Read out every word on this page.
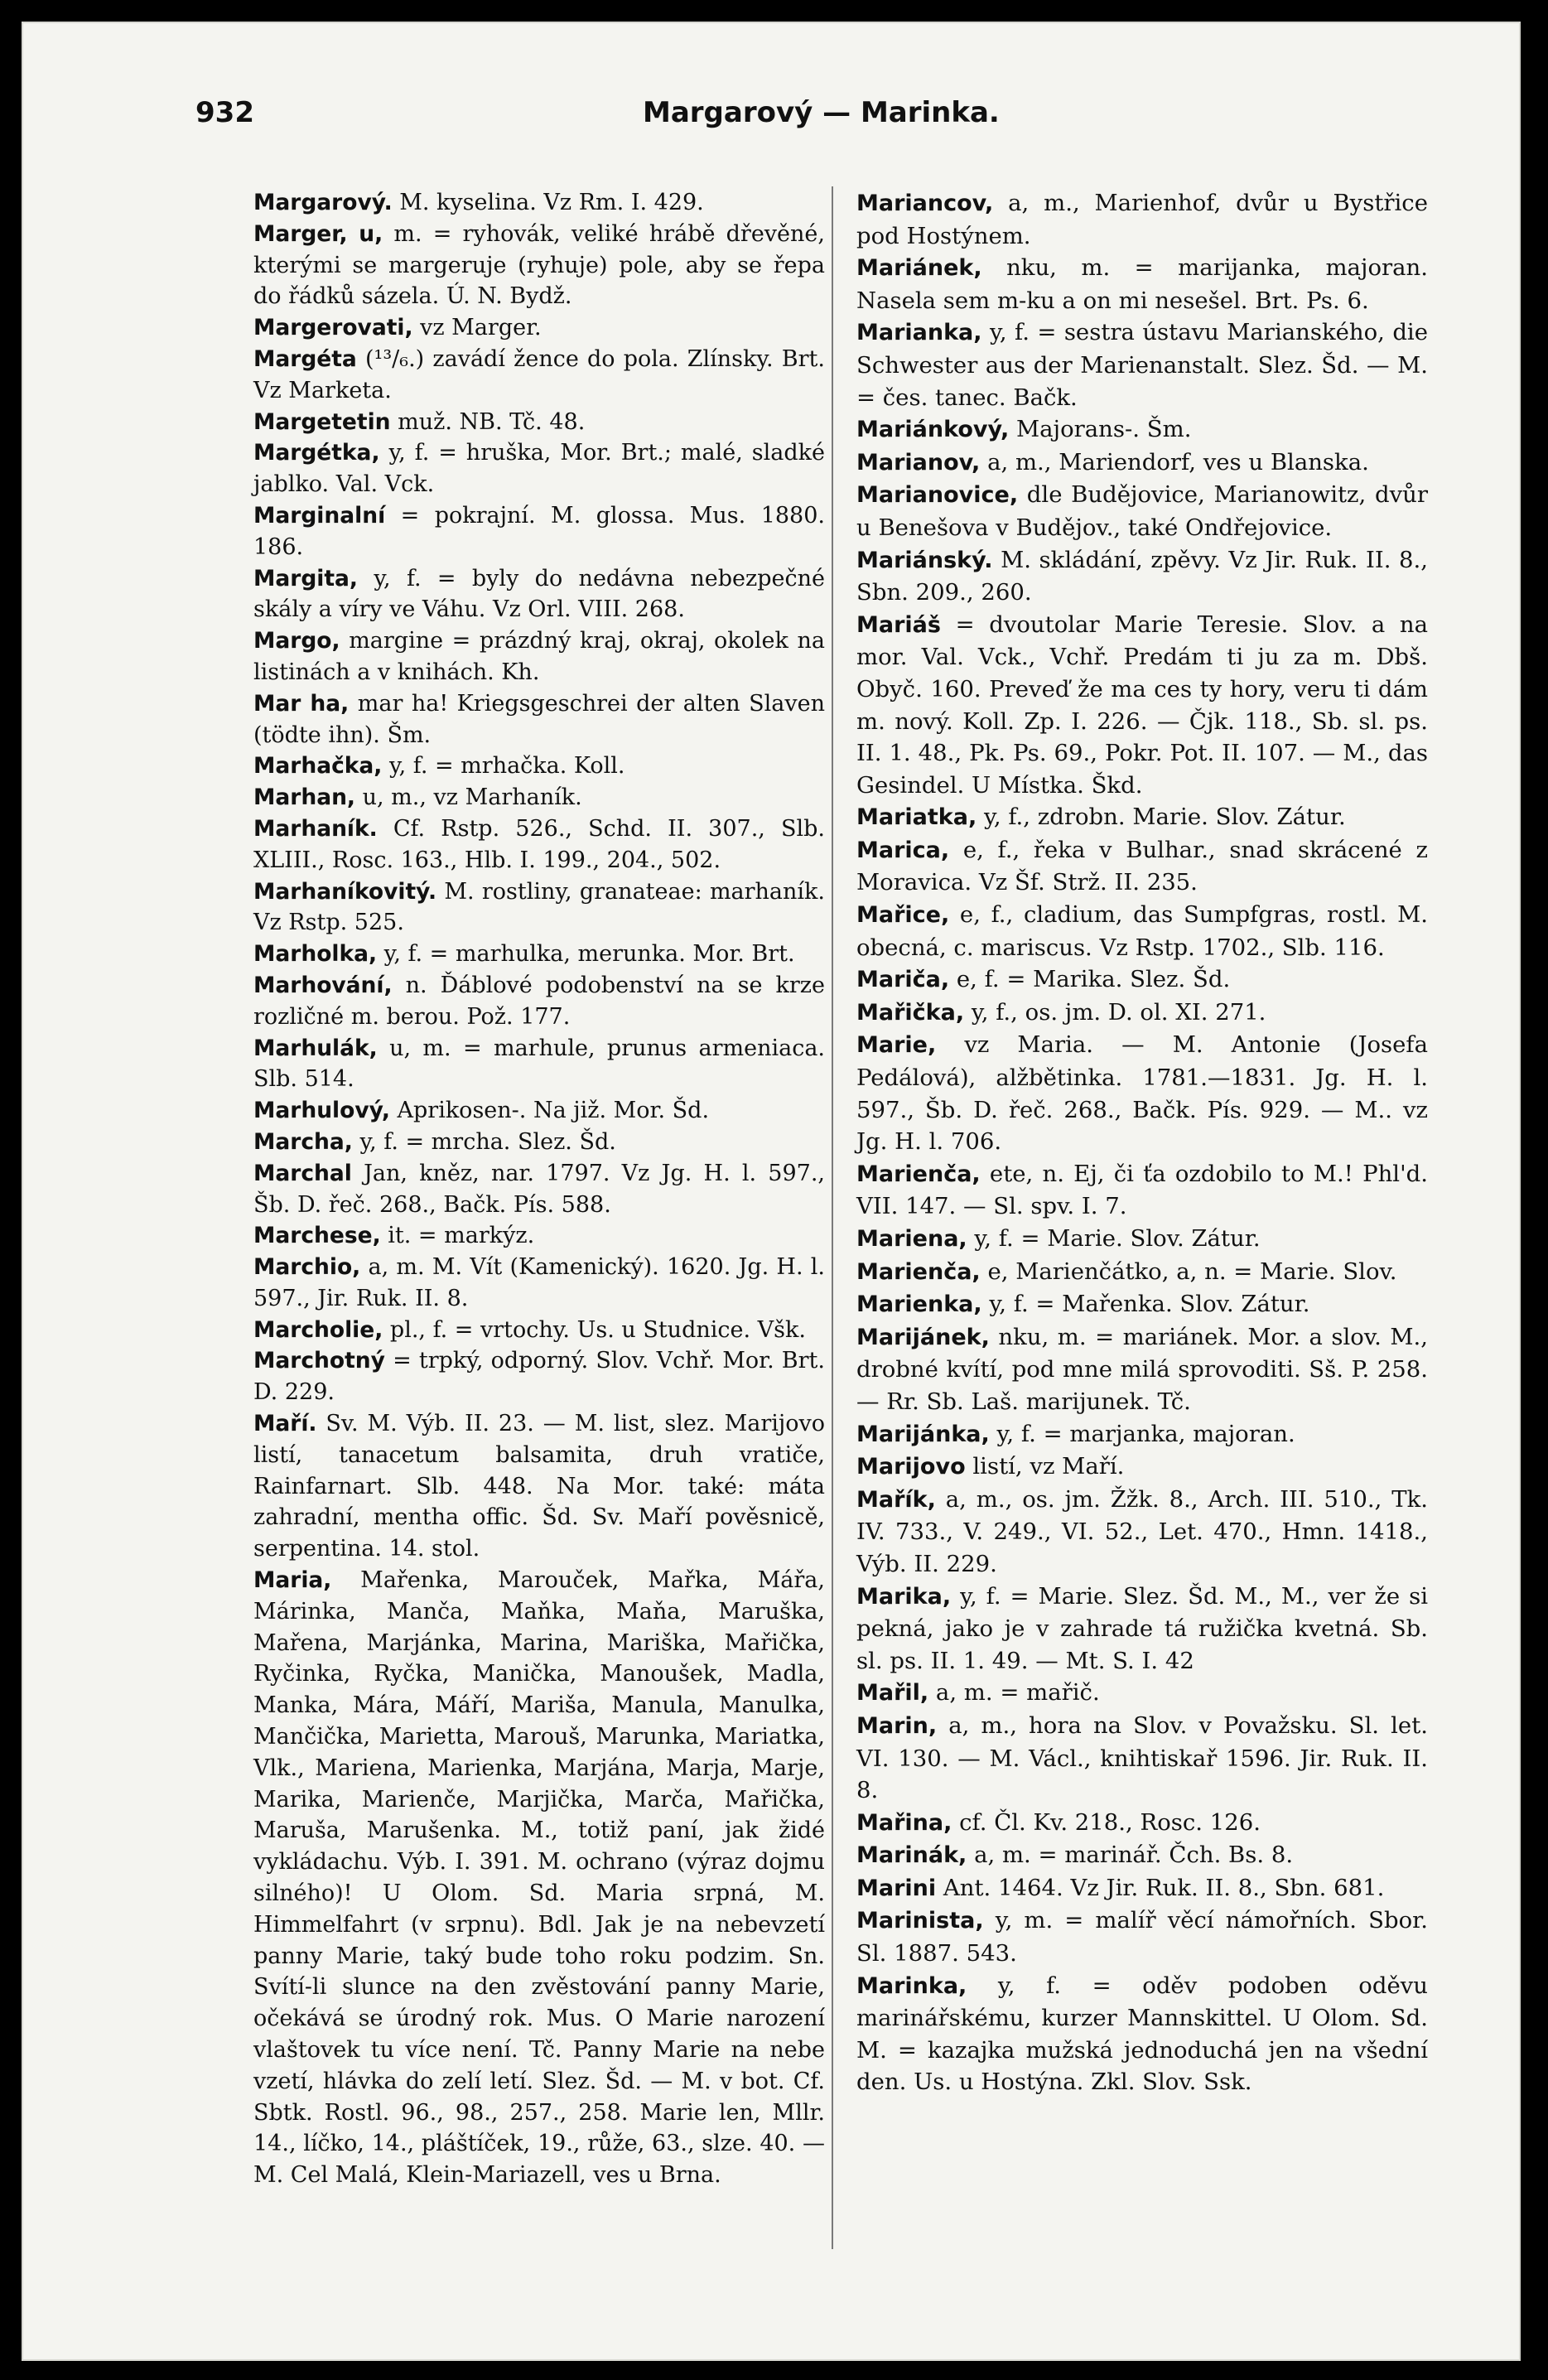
932	Margarový — Marinka.

Margarový. M. kyselina. Vz Rm. I. 429.

Marger, u, m. = ryhovák, veliké hrábě dřevěné, kterými se margeruje (ryhuje) pole, aby se řepa do řádků sázela. Ú. N. Bydž.

Margerovati, vz Marger.

Margéta (¹³/₆.) zavádí žence do pola. Zlínsky. Brt. Vz Marketa.

Margetetin muž. NB. Tč. 48.

Margétka, y, f. = hruška, Mor. Brt.; malé, sladké jablko. Val. Vck.

Marginalní = pokrajní. M. glossa. Mus. 1880. 186.

Margita, y, f. = byly do nedávna nebezpečné skály a víry ve Váhu. Vz Orl. VIII. 268.

Margo, margine = prázdný kraj, okraj, okolek na listinách a v knihách. Kh.

Mar ha, mar ha! Kriegsgeschrei der alten Slaven (tödte ihn). Šm.

Marhačka, y, f. = mrhačka. Koll.

Marhan, u, m., vz Marhaník.

Marhaník. Cf. Rstp. 526., Schd. II. 307., Slb. XLIII., Rosc. 163., Hlb. I. 199., 204., 502.

Marhaníkovitý. M. rostliny, granateae: marhaník. Vz Rstp. 525.

Marholka, y, f. = marhulka, merunka. Mor. Brt.

Marhování, n. Ďáblové podobenství na se krze rozličné m. berou. Pož. 177.

Marhulák, u, m. = marhule, prunus armeniaca. Slb. 514.

Marhulový, Aprikosen-. Na již. Mor. Šd.

Marcha, y, f. = mrcha. Slez. Šd.

Marchal Jan, kněz, nar. 1797. Vz Jg. H. l. 597., Šb. D. řeč. 268., Bačk. Pís. 588.

Marchese, it. = markýz.

Marchio, a, m. M. Vít (Kamenický). 1620. Jg. H. l. 597., Jir. Ruk. II. 8.

Marcholie, pl., f. = vrtochy. Us. u Studnice. Všk.

Marchotný = trpký, odporný. Slov. Vchř. Mor. Brt. D. 229.

Maří. Sv. M. Výb. II. 23. — M. list, slez. Marijovo listí, tanacetum balsamita, druh vratiče, Rainfarnart. Slb. 448. Na Mor. také: máta zahradní, mentha offic. Šd. Sv. Maří pověsnicě, serpentina. 14. stol.

Maria, Mařenka, Marouček, Mařka, Mářa, Márinka, Manča, Maňka, Maňa, Maruška, Mařena, Marjánka, Marina, Mariška, Mařička, Ryčinka, Ryčka, Manička, Manoušek, Madla, Manka, Mára, Máří, Mariša, Manula, Manulka, Mančička, Marietta, Marouš, Marunka, Mariatka, Vlk., Mariena, Marienka, Marjána, Marja, Marje, Marika, Marienče, Marjička, Marča, Mařička, Maruša, Marušenka. M., totiž paní, jak židé vykládachu. Výb. I. 391. M. ochrano (výraz dojmu silného)! U Olom. Sd. Maria srpná, M. Himmelfahrt (v srpnu). Bdl. Jak je na nebevzetí panny Marie, taký bude toho roku podzim. Sn. Svítí-li slunce na den zvěstování panny Marie, očekává se úrodný rok. Mus. O Marie narození vlaštovek tu více není. Tč. Panny Marie na nebe vzetí, hlávka do zelí letí. Slez. Šd. — M. v bot. Cf. Sbtk. Rostl. 96., 98., 257., 258. Marie len, Mllr. 14., líčko, 14., pláštíček, 19., růže, 63., slze. 40. — M. Cel Malá, Klein-Mariazell, ves u Brna.

Mariancov, a, m., Marienhof, dvůr u Bystřice pod Hostýnem.

Mariánek, nku, m. = marijanka, majoran. Nasela sem m-ku a on mi nesešel. Brt. Ps. 6.

Marianka, y, f. = sestra ústavu Marianského, die Schwester aus der Marienanstalt. Slez. Šd. — M. = čes. tanec. Bačk.

Mariánkový, Majorans-. Šm.

Marianov, a, m., Mariendorf, ves u Blanska.

Marianovice, dle Budějovice, Marianowitz, dvůr u Benešova v Budějov., také Ondřejovice.

Mariánský. M. skládání, zpěvy. Vz Jir. Ruk. II. 8., Sbn. 209., 260.

Mariáš = dvoutolar Marie Teresie. Slov. a na mor. Val. Vck., Vchř. Predám ti ju za m. Dbš. Obyč. 160. Preveď že ma ces ty hory, veru ti dám m. nový. Koll. Zp. I. 226. — Čjk. 118., Sb. sl. ps. II. 1. 48., Pk. Ps. 69., Pokr. Pot. II. 107. — M., das Gesindel. U Místka. Škd.

Mariatka, y, f., zdrobn. Marie. Slov. Zátur.

Marica, e, f., řeka v Bulhar., snad skrácené z Moravica. Vz Šf. Strž. II. 235.

Mařice, e, f., cladium, das Sumpfgras, rostl. M. obecná, c. mariscus. Vz Rstp. 1702., Slb. 116.

Mariča, e, f. = Marika. Slez. Šd.

Mařička, y, f., os. jm. D. ol. XI. 271.

Marie, vz Maria. — M. Antonie (Josefa Pedálová), alžbětinka. 1781.—1831. Jg. H. l. 597., Šb. D. řeč. 268., Bačk. Pís. 929. — M.. vz Jg. H. l. 706.

Marienča, ete, n. Ej, či ťa ozdobilo to M.! Phl'd. VII. 147. — Sl. spv. I. 7.

Mariena, y, f. = Marie. Slov. Zátur.

Marienča, e, Marienčátko, a, n. = Marie. Slov.

Marienka, y, f. = Mařenka. Slov. Zátur.

Marijánek, nku, m. = mariánek. Mor. a slov. M., drobné kvítí, pod mne milá sprovoditi. Sš. P. 258. — Rr. Sb. Laš. marijunek. Tč.

Marijánka, y, f. = marjanka, majoran.

Marijovo listí, vz Maří.

Mařík, a, m., os. jm. Žžk. 8., Arch. III. 510., Tk. IV. 733., V. 249., VI. 52., Let. 470., Hmn. 1418., Výb. II. 229.

Marika, y, f. = Marie. Slez. Šd. M., M., ver že si pekná, jako je v zahrade tá ružička kvetná. Sb. sl. ps. II. 1. 49. — Mt. S. I. 42

Mařil, a, m. = mařič.

Marin, a, m., hora na Slov. v Považsku. Sl. let. VI. 130. — M. Václ., knihtiskař 1596. Jir. Ruk. II. 8.

Mařina, cf. Čl. Kv. 218., Rosc. 126.

Marinák, a, m. = marinář. Čch. Bs. 8.

Marini Ant. 1464. Vz Jir. Ruk. II. 8., Sbn. 681.

Marinista, y, m. = malíř věcí námořních. Sbor. Sl. 1887. 543.

Marinka, y, f. = oděv podoben oděvu marinářskému, kurzer Mannskittel. U Olom. Sd. M. = kazajka mužská jednoduchá jen na všední den. Us. u Hostýna. Zkl. Slov. Ssk.
